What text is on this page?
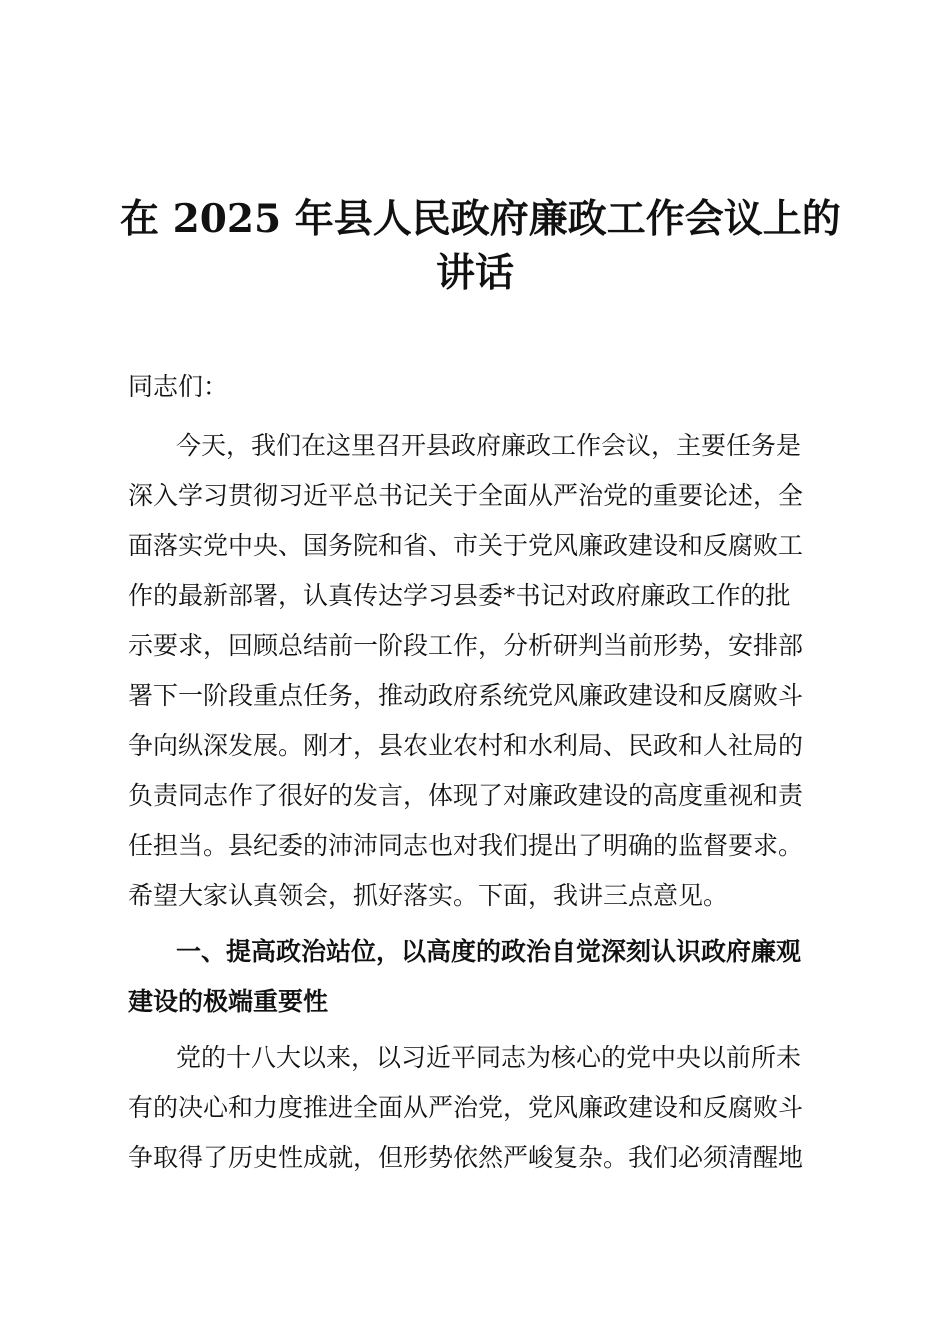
在 2025 年县人民政府廉政工作会议上的
讲话
同志们：
今天，我们在这里召开县政府廉政工作会议，主要任务是
深入学习贯彻习近平总书记关于全面从严治党的重要论述，全
面落实党中央、国务院和省、市关于党风廉政建设和反腐败工
作的最新部署，认真传达学习县委*书记对政府廉政工作的批
示要求，回顾总结前一阶段工作，分析研判当前形势，安排部
署下一阶段重点任务，推动政府系统党风廉政建设和反腐败斗
争向纵深发展。刚才，县农业农村和水利局、民政和人社局的
负责同志作了很好的发言，体现了对廉政建设的高度重视和责
任担当。县纪委的沛沛同志也对我们提出了明确的监督要求。
希望大家认真领会，抓好落实。下面，我讲三点意见。
一、提高政治站位，以高度的政治自觉深刻认识政府廉观
建设的极端重要性
党的十八大以来，以习近平同志为核心的党中央以前所未
有的决心和力度推进全面从严治党，党风廉政建设和反腐败斗
争取得了历史性成就，但形势依然严峻复杂。我们必须清醒地
